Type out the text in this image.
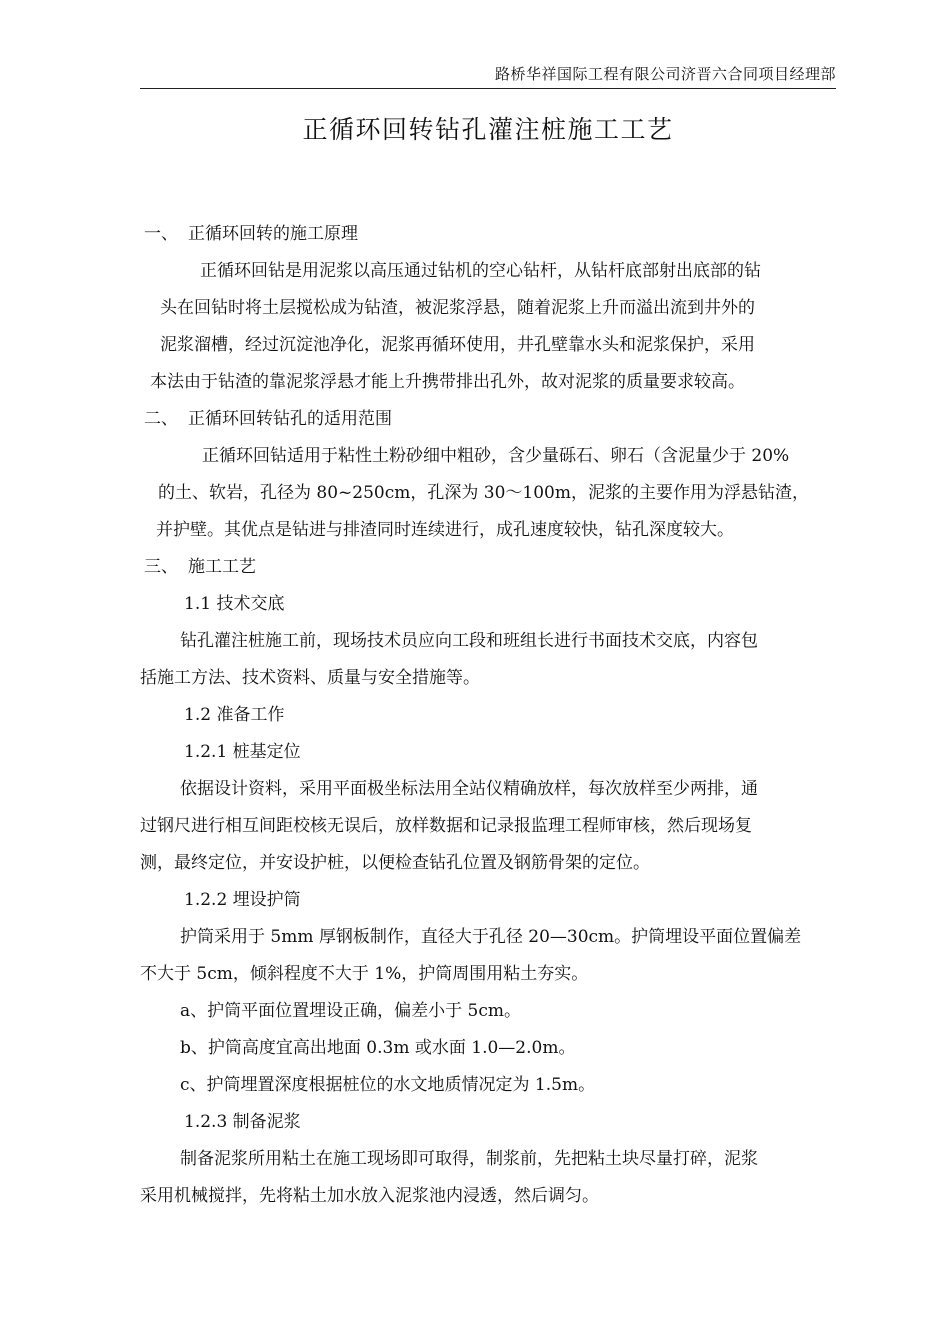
路桥华祥国际工程有限公司济晋六合同项目经理部
正循环回转钻孔灌注桩施工工艺
一、 正循环回转的施工原理
正循环回钻是用泥浆以高压通过钻机的空心钻杆，从钻杆底部射出底部的钻
头在回钻时将土层搅松成为钻渣，被泥浆浮悬，随着泥浆上升而溢出流到井外的
泥浆溜槽，经过沉淀池净化，泥浆再循环使用，井孔壁靠水头和泥浆保护，采用
本法由于钻渣的靠泥浆浮悬才能上升携带排出孔外，故对泥浆的质量要求较高。
二、 正循环回转钻孔的适用范围
正循环回钻适用于粘性土粉砂细中粗砂，含少量砾石、卵石（含泥量少于 20%
的土、软岩，孔径为 80~250cm，孔深为 30～100m，泥浆的主要作用为浮悬钻渣，
并护壁。其优点是钻进与排渣同时连续进行，成孔速度较快，钻孔深度较大。
三、 施工工艺
1.1 技术交底
钻孔灌注桩施工前，现场技术员应向工段和班组长进行书面技术交底，内容包
括施工方法、技术资料、质量与安全措施等。
1.2 准备工作
1.2.1 桩基定位
依据设计资料，采用平面极坐标法用全站仪精确放样，每次放样至少两排，通
过钢尺进行相互间距校核无误后，放样数据和记录报监理工程师审核，然后现场复
测，最终定位，并安设护桩，以便检查钻孔位置及钢筋骨架的定位。
1.2.2 埋设护筒
护筒采用于 5mm 厚钢板制作，直径大于孔径 20—30cm。护筒埋设平面位置偏差
不大于 5cm，倾斜程度不大于 1%，护筒周围用粘土夯实。
a、护筒平面位置埋设正确，偏差小于 5cm。
b、护筒高度宜高出地面 0.3m 或水面 1.0—2.0m。
c、护筒埋置深度根据桩位的水文地质情况定为 1.5m。
1.2.3 制备泥浆
制备泥浆所用粘土在施工现场即可取得，制浆前，先把粘土块尽量打碎，泥浆
采用机械搅拌，先将粘土加水放入泥浆池内浸透，然后调匀。
